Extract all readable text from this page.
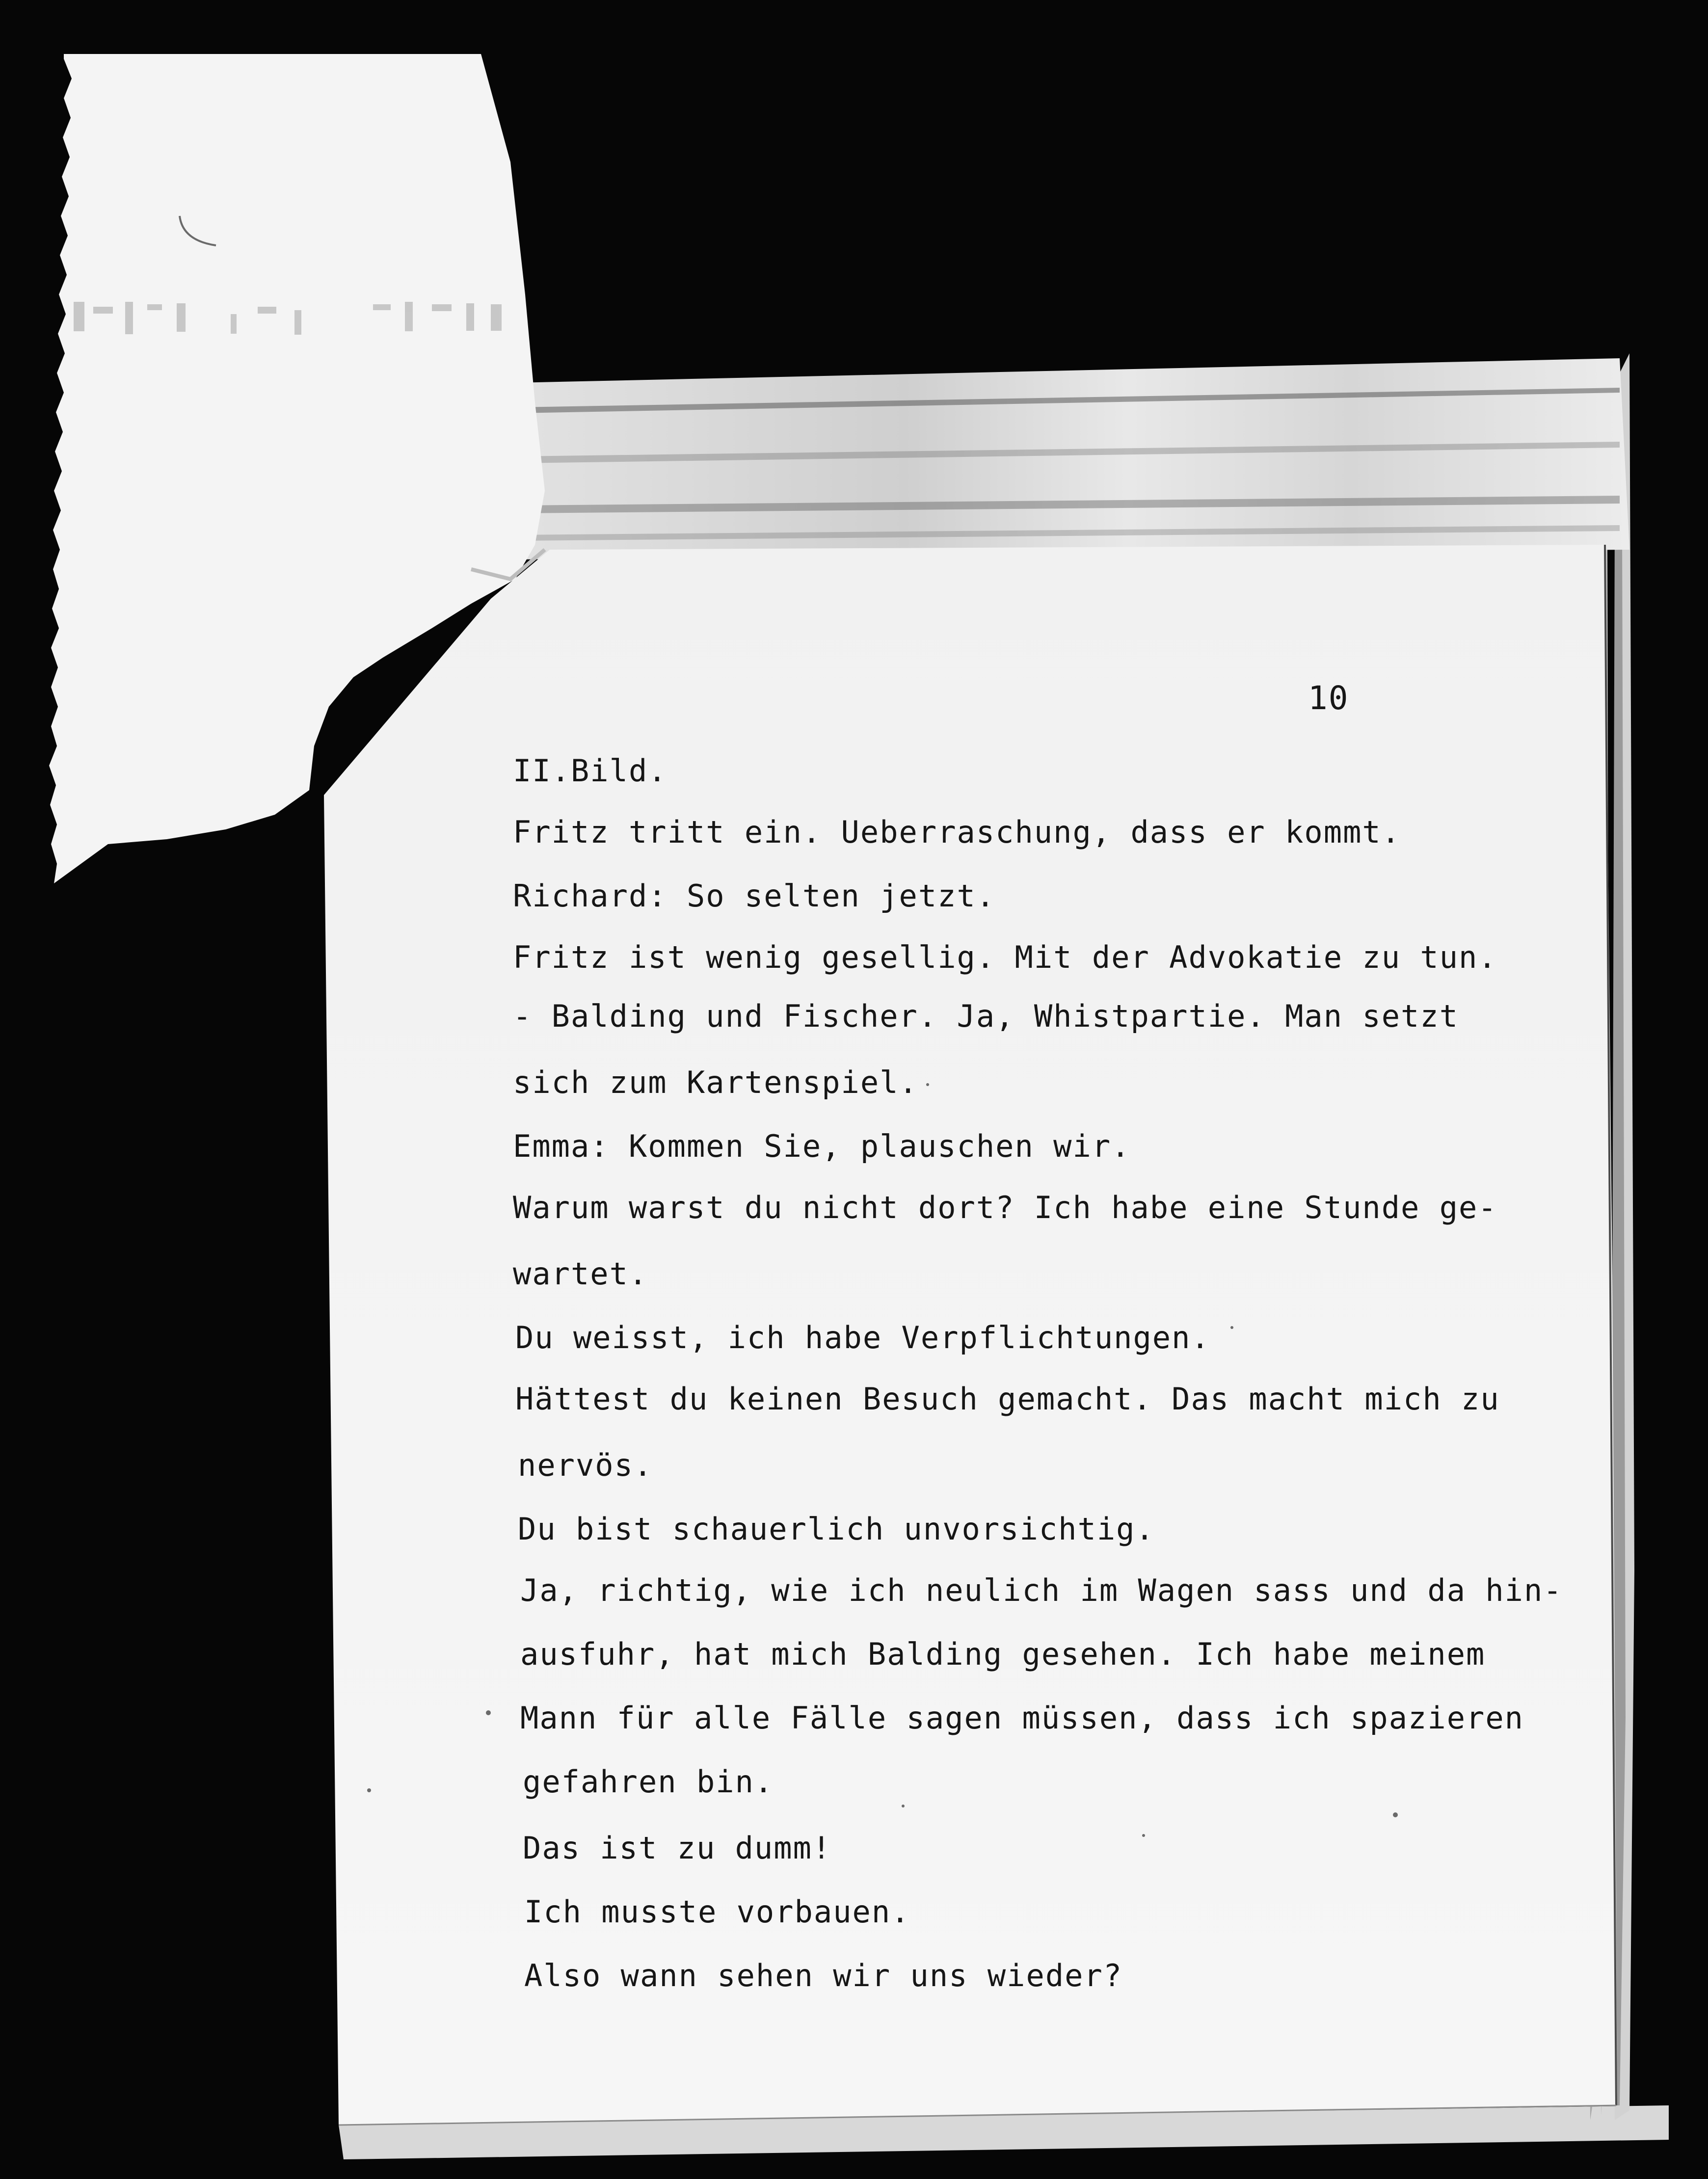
10
II.Bild.
Fritz tritt ein. Ueberraschung, dass er kommt.
Richard: So selten jetzt.
Fritz ist wenig gesellig. Mit der Advokatie zu tun.
- Balding und Fischer. Ja, Whistpartie. Man setzt
sich zum Kartenspiel.
Emma: Kommen Sie, plauschen wir.
Warum warst du nicht dort? Ich habe eine Stunde ge-
wartet.
Du weisst, ich habe Verpflichtungen.
Hättest du keinen Besuch gemacht. Das macht mich zu
nervös.
Du bist schauerlich unvorsichtig.
Ja, richtig, wie ich neulich im Wagen sass und da hin-
ausfuhr, hat mich Balding gesehen. Ich habe meinem
Mann für alle Fälle sagen müssen, dass ich spazieren
gefahren bin.
Das ist zu dumm!
Ich musste vorbauen.
Also wann sehen wir uns wieder?
